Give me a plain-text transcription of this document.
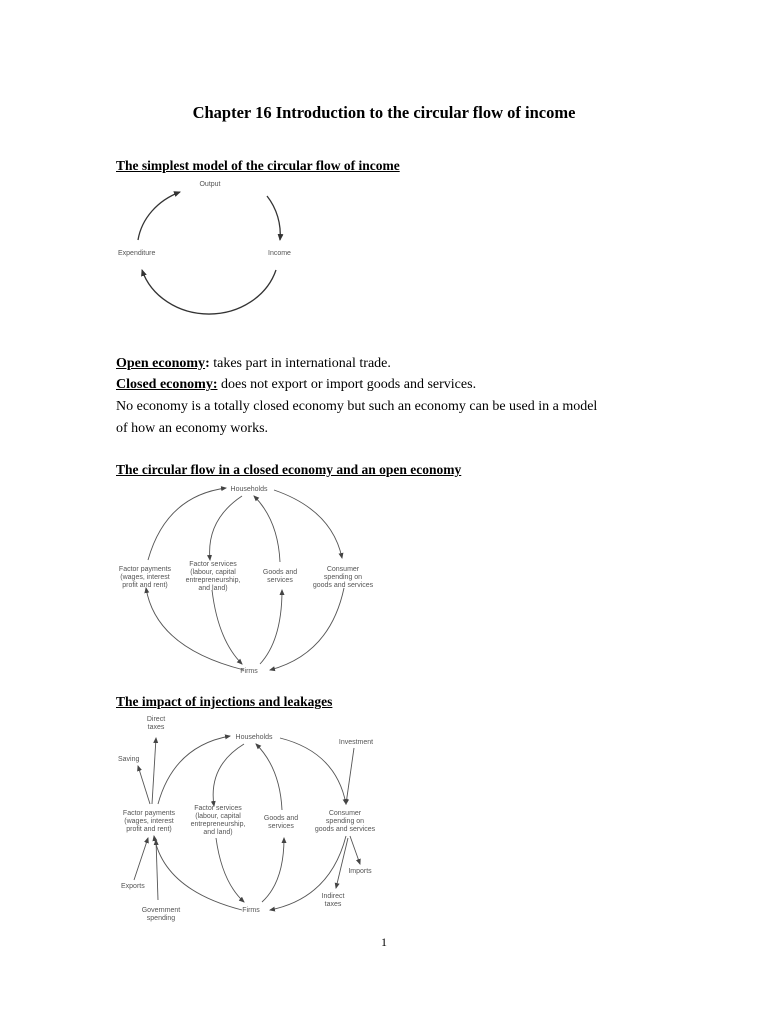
Chapter 16 Introduction to the circular flow of income
The simplest model of the circular flow of income
Output
Expenditure	Income
Open economy: takes part in international trade.
Closed economy: does not export or import goods and services.
No economy is a totally closed economy but such an economy can be used in a model
of how an economy works.
The circular flow in a closed economy and an open economy
Households
Firms
Factor payments
(wages, interest
profit and rent)
Factor services
(labour, capital
entrepreneurship,
and land)
Goods and
services
Consumer
spending on
goods and services
The impact of injections and leakages
Households
Firms
Direct
taxes
Saving
Investment
Factor payments
(wages, interest
profit and rent)
Factor services
(labour, capital
entrepreneurship,
and land)
Goods and
services
Consumer
spending on
goods and services
Imports
Indirect
taxes
Exports
Government
spending
1
